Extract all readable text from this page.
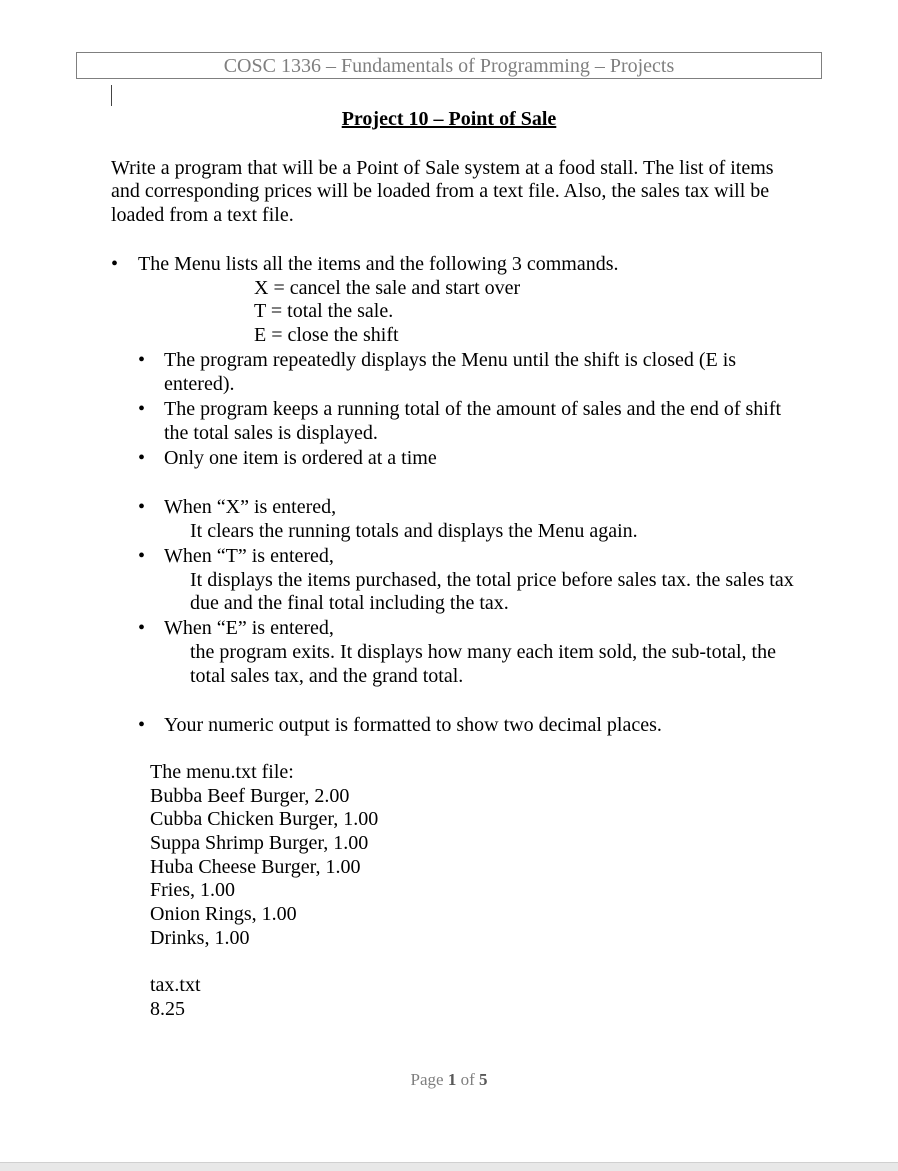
COSC 1336 – Fundamentals of Programming – Projects
Project 10 – Point of Sale
Write a program that will be a Point of Sale system at a food stall. The list of items
and corresponding prices will be loaded from a text file. Also, the sales tax will be
loaded from a text file.
• The Menu lists all the items and the following 3 commands.
X = cancel the sale and start over
T = total the sale.
E = close the shift
• The program repeatedly displays the Menu until the shift is closed (E is
entered).
• The program keeps a running total of the amount of sales and the end of shift
the total sales is displayed.
• Only one item is ordered at a time
• When “X” is entered,
It clears the running totals and displays the Menu again.
• When “T” is entered,
It displays the items purchased, the total price before sales tax. the sales tax
due and the final total including the tax.
• When “E” is entered,
the program exits. It displays how many each item sold, the sub-total, the
total sales tax, and the grand total.
• Your numeric output is formatted to show two decimal places.
The menu.txt file:
Bubba Beef Burger, 2.00
Cubba Chicken Burger, 1.00
Suppa Shrimp Burger, 1.00
Huba Cheese Burger, 1.00
Fries, 1.00
Onion Rings, 1.00
Drinks, 1.00
tax.txt
8.25
Page 1 of 5
